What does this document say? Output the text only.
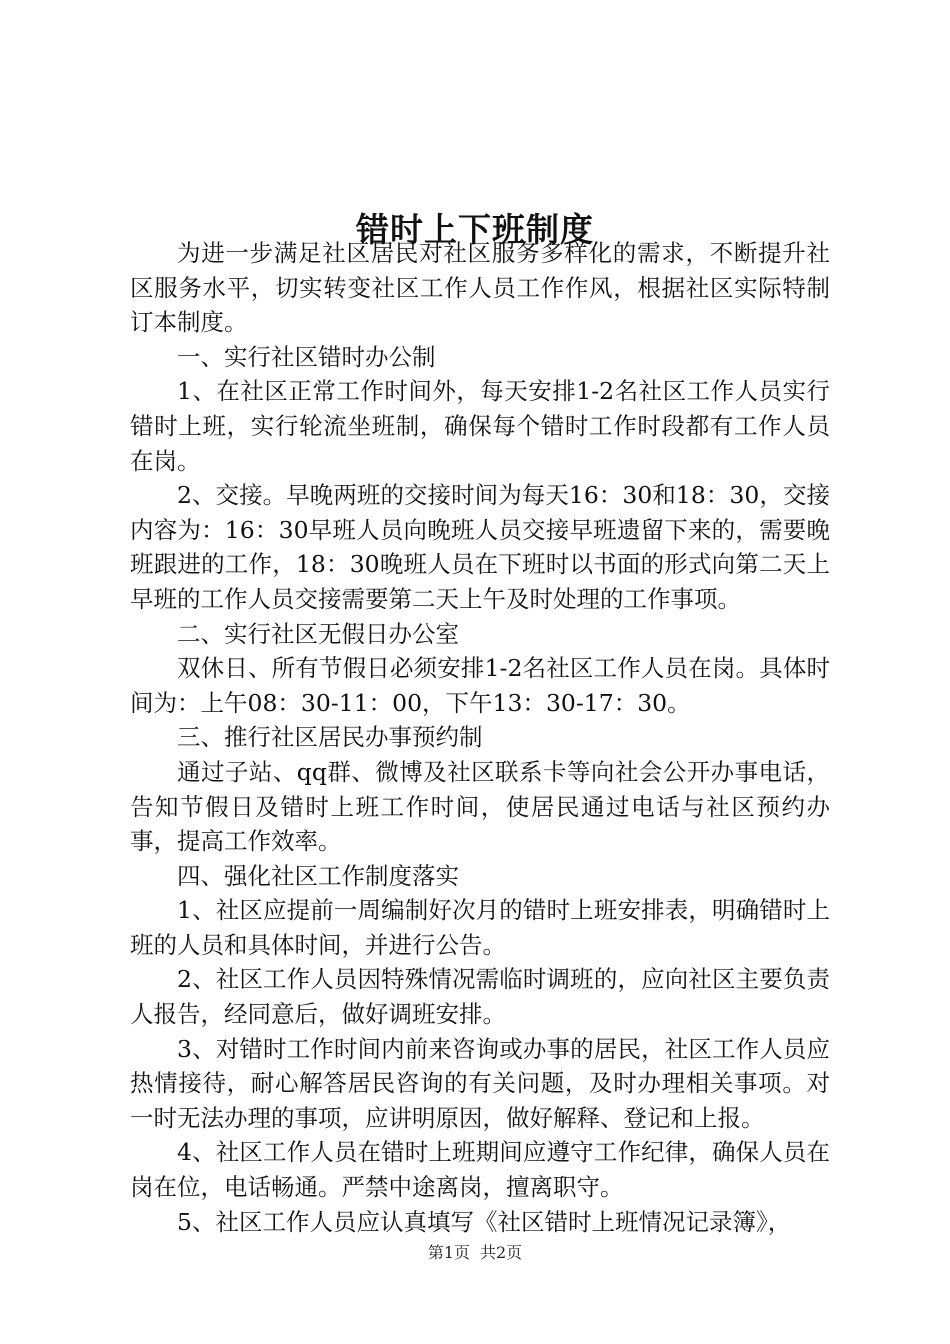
错时上下班制度

为进一步满足社区居民对社区服务多样化的需求，不断提升社区服务水平，切实转变社区工作人员工作作风，根据社区实际特制订本制度。

一、实行社区错时办公制

1、在社区正常工作时间外，每天安排1-2名社区工作人员实行错时上班，实行轮流坐班制，确保每个错时工作时段都有工作人员在岗。

2、交接。早晚两班的交接时间为每天16：30和18：30，交接内容为：16：30早班人员向晚班人员交接早班遗留下来的，需要晚班跟进的工作，18：30晚班人员在下班时以书面的形式向第二天上早班的工作人员交接需要第二天上午及时处理的工作事项。

二、实行社区无假日办公室

双休日、所有节假日必须安排1-2名社区工作人员在岗。具体时间为：上午08：30-11：00，下午13：30-17：30。

三、推行社区居民办事预约制

通过子站、qq群、微博及社区联系卡等向社会公开办事电话，告知节假日及错时上班工作时间，使居民通过电话与社区预约办事，提高工作效率。

四、强化社区工作制度落实

1、社区应提前一周编制好次月的错时上班安排表，明确错时上班的人员和具体时间，并进行公告。

2、社区工作人员因特殊情况需临时调班的，应向社区主要负责人报告，经同意后，做好调班安排。

3、对错时工作时间内前来咨询或办事的居民，社区工作人员应热情接待，耐心解答居民咨询的有关问题，及时办理相关事项。对一时无法办理的事项，应讲明原因，做好解释、登记和上报。

4、社区工作人员在错时上班期间应遵守工作纪律，确保人员在岗在位，电话畅通。严禁中途离岗，擅离职守。

5、社区工作人员应认真填写《社区错时上班情况记录簿》，

第1页 共2页
